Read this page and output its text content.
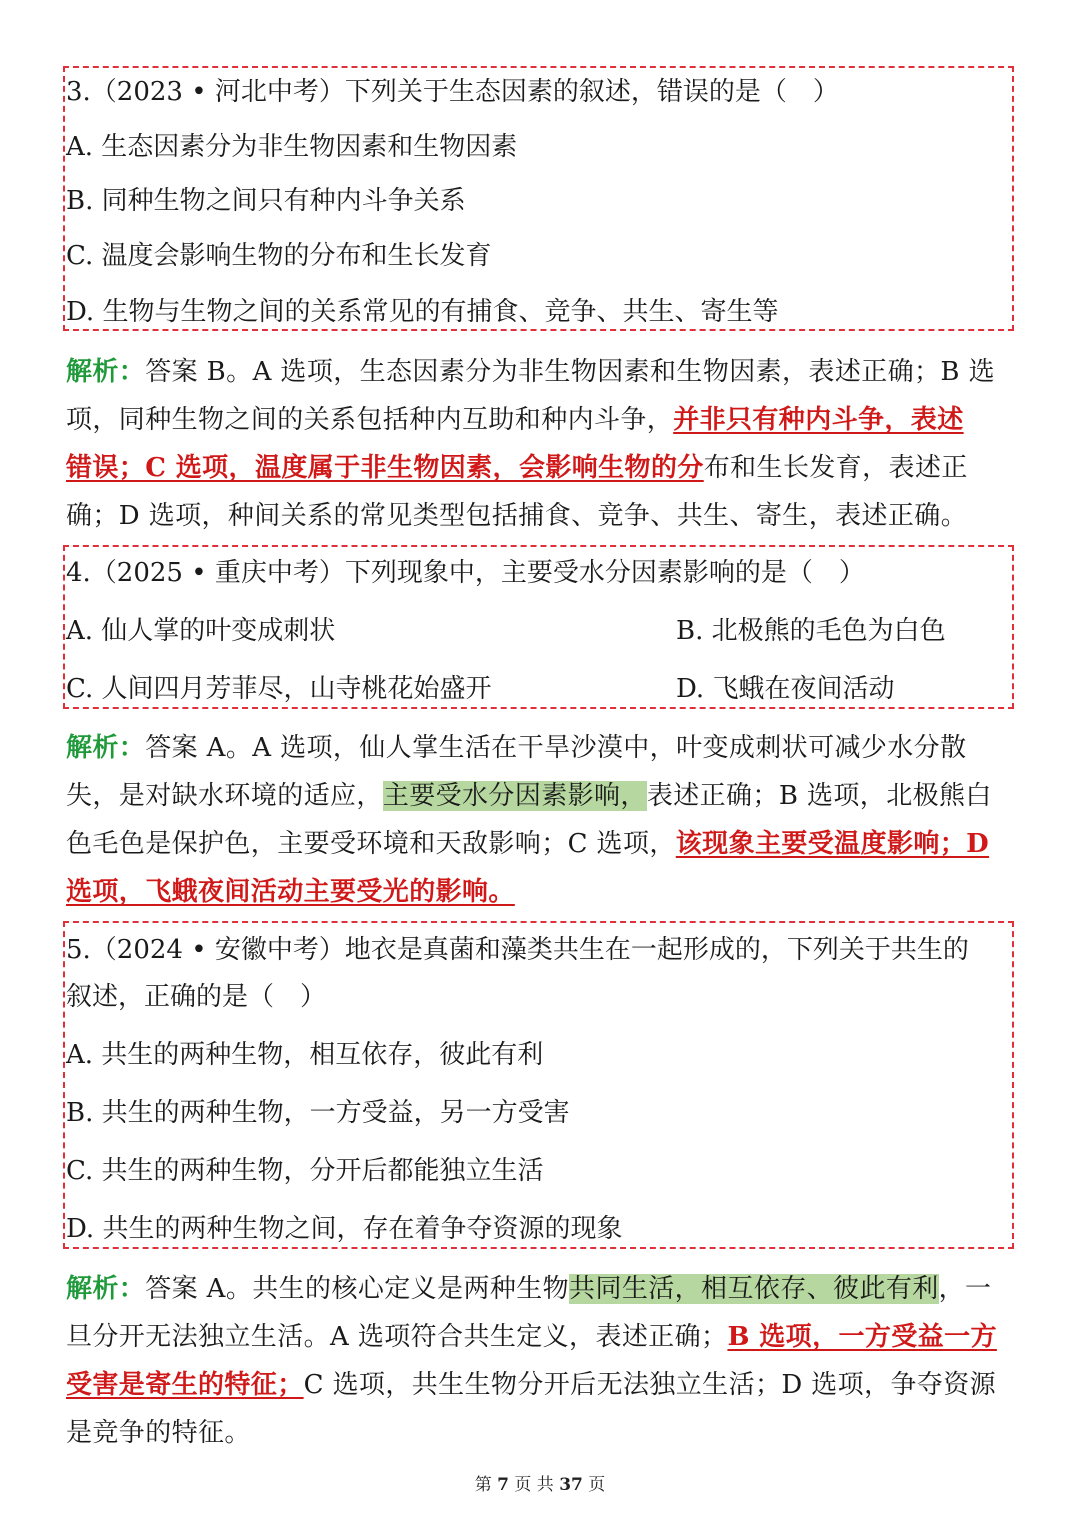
3.（2023 • 河北中考）下列关于生态因素的叙述，错误的是（　）
A. 生态因素分为非生物因素和生物因素
B. 同种生物之间只有种内斗争关系
C. 温度会影响生物的分布和生长发育
D. 生物与生物之间的关系常见的有捕食、竞争、共生、寄生等
解析：答案 B。A 选项，生态因素分为非生物因素和生物因素，表述正确；B 选
项，同种生物之间的关系包括种内互助和种内斗争，并非只有种内斗争，表述
错误；C 选项，温度属于非生物因素，会影响生物的分布和生长发育，表述正
确；D 选项，种间关系的常见类型包括捕食、竞争、共生、寄生，表述正确。
4.（2025 • 重庆中考）下列现象中，主要受水分因素影响的是（　）
A. 仙人掌的叶变成刺状	B. 北极熊的毛色为白色
C. 人间四月芳菲尽，山寺桃花始盛开	D. 飞蛾在夜间活动
解析：答案 A。A 选项，仙人掌生活在干旱沙漠中，叶变成刺状可减少水分散
失，是对缺水环境的适应，主要受水分因素影响，表述正确；B 选项，北极熊白
色毛色是保护色，主要受环境和天敌影响；C 选项，该现象主要受温度影响；D
选项，飞蛾夜间活动主要受光的影响。
5.（2024 • 安徽中考）地衣是真菌和藻类共生在一起形成的，下列关于共生的
叙述，正确的是（　）
A. 共生的两种生物，相互依存，彼此有利
B. 共生的两种生物，一方受益，另一方受害
C. 共生的两种生物，分开后都能独立生活
D. 共生的两种生物之间，存在着争夺资源的现象
解析：答案 A。共生的核心定义是两种生物共同生活，相互依存、彼此有利，一
旦分开无法独立生活。A 选项符合共生定义，表述正确；B 选项，一方受益一方
受害是寄生的特征；C 选项，共生生物分开后无法独立生活；D 选项，争夺资源
是竞争的特征。
第 7 页 共 37 页
